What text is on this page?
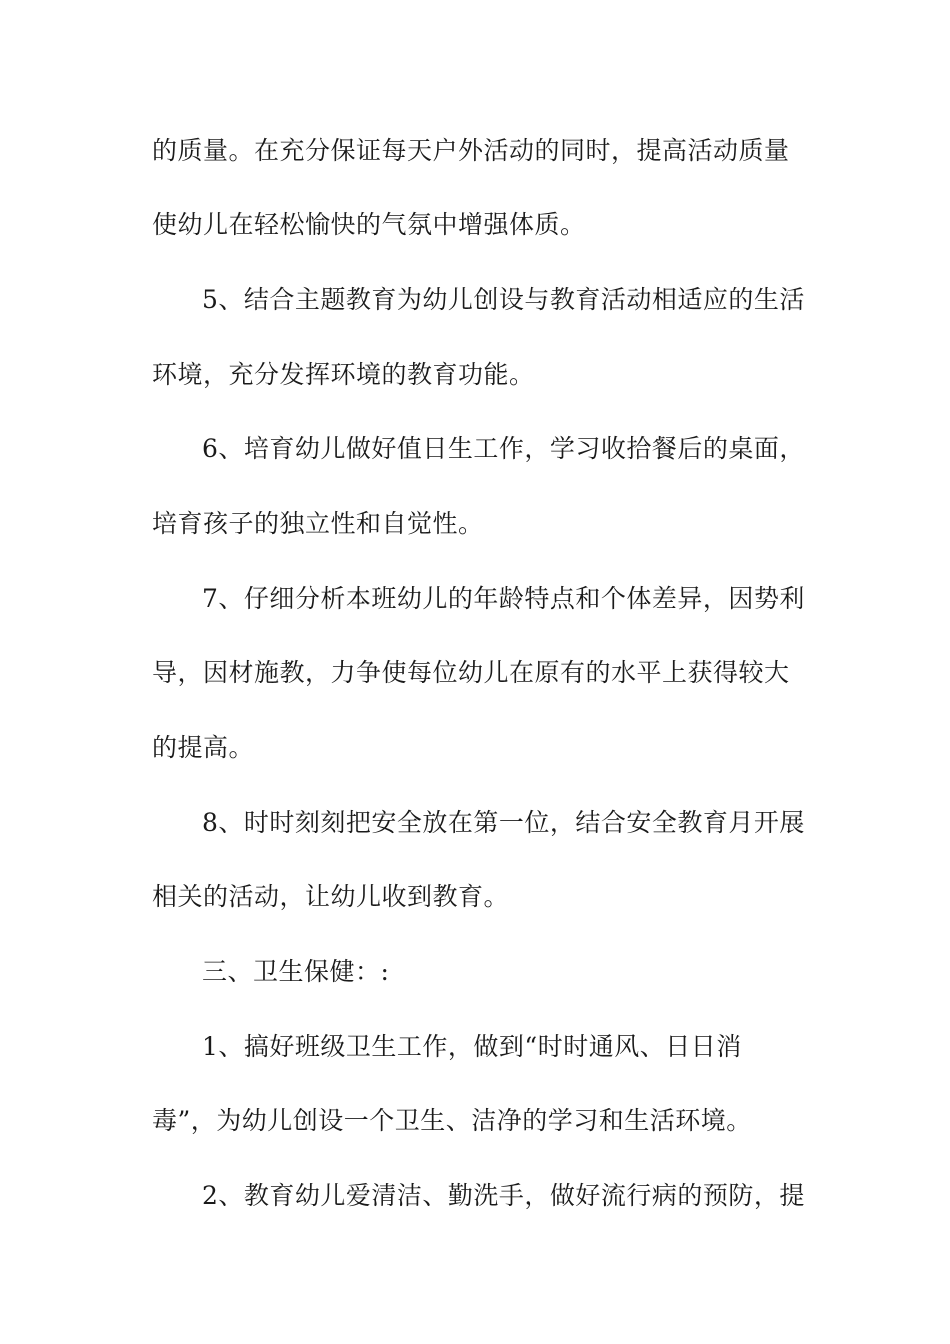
的质量。在充分保证每天户外活动的同时，提高活动质量
使幼儿在轻松愉快的气氛中增强体质。
5、结合主题教育为幼儿创设与教育活动相适应的生活
环境，充分发挥环境的教育功能。
6、培育幼儿做好值日生工作，学习收拾餐后的桌面，
培育孩子的独立性和自觉性。
7、仔细分析本班幼儿的年龄特点和个体差异，因势利
导，因材施教，力争使每位幼儿在原有的水平上获得较大
的提高。
8、时时刻刻把安全放在第一位，结合安全教育月开展
相关的活动，让幼儿收到教育。
三、卫生保健：:
1、搞好班级卫生工作，做到“时时通风、日日消
毒”，为幼儿创设一个卫生、洁净的学习和生活环境。
2、教育幼儿爱清洁、勤洗手，做好流行病的预防，提
